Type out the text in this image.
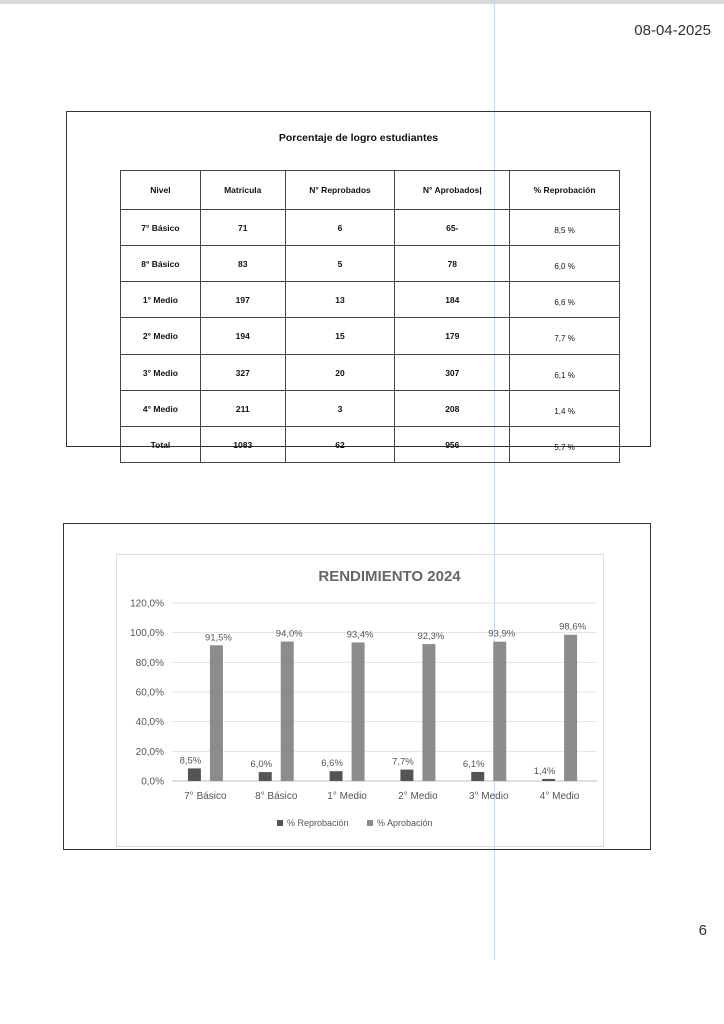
08-04-2025
Porcentaje de logro estudiantes
Nivel	Matricula	N° Reprobados	N° Aprobados|	% Reprobación
7° Básico	71	6	65-	8,5 %
8° Básico	83	5	78	6,0 %
1° Medio	197	13	184	6,6 %
2° Medio	194	15	179	7,7 %
3° Medio	327	20	307	6,1 %
4° Medio	211	3	208	1,4 %
Total	1083	62	956	5,7 %
RENDIMIENTO 2024
0,0%
20,0%
40,0%
60,0%
80,0%
100,0%
120,0%
8,5%
91,5%
7° Básico
6,0%
94,0%
8° Básico
6,6%
93,4%
1° Medio
7,7%
92,3%
2° Medio
6,1%
93,9%
3° Medio
1,4%
98,6%
4° Medio
% Reprobación	% Aprobación
6
